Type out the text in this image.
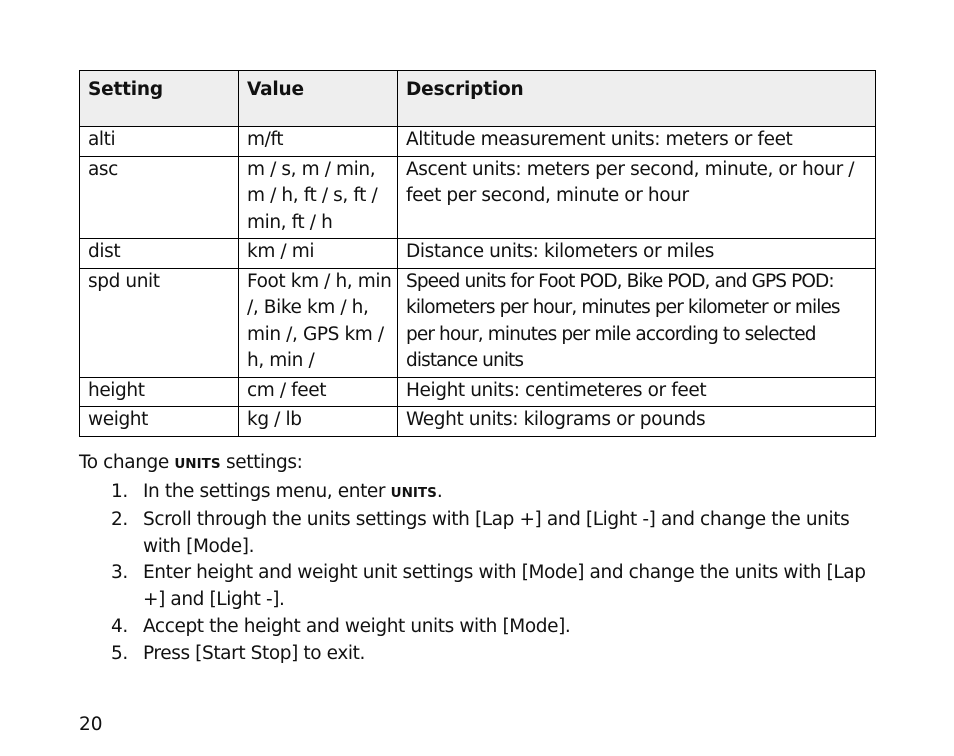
Setting	Value	Description
alti	m/ft	Altitude measurement units: meters or feet
asc	m / s, m / min, m / h, ft / s, ft / min, ft / h	Ascent units: meters per second, minute, or hour / feet per second, minute or hour
dist	km / mi	Distance units: kilometers or miles
spd unit	Foot km / h, min /, Bike km / h, min /, GPS km / h, min /	Speed units for Foot POD, Bike POD, and GPS POD: kilometers per hour, minutes per kilometer or miles per hour, minutes per mile according to selected distance units
height	cm / feet	Height units: centimeteres or feet
weight	kg / lb	Weght units: kilograms or pounds

To change UNITS settings:

1. In the settings menu, enter UNITS.
2. Scroll through the units settings with [Lap +] and [Light -] and change the units with [Mode].
3. Enter height and weight unit settings with [Mode] and change the units with [Lap +] and [Light -].
4. Accept the height and weight units with [Mode].
5. Press [Start Stop] to exit.
20
